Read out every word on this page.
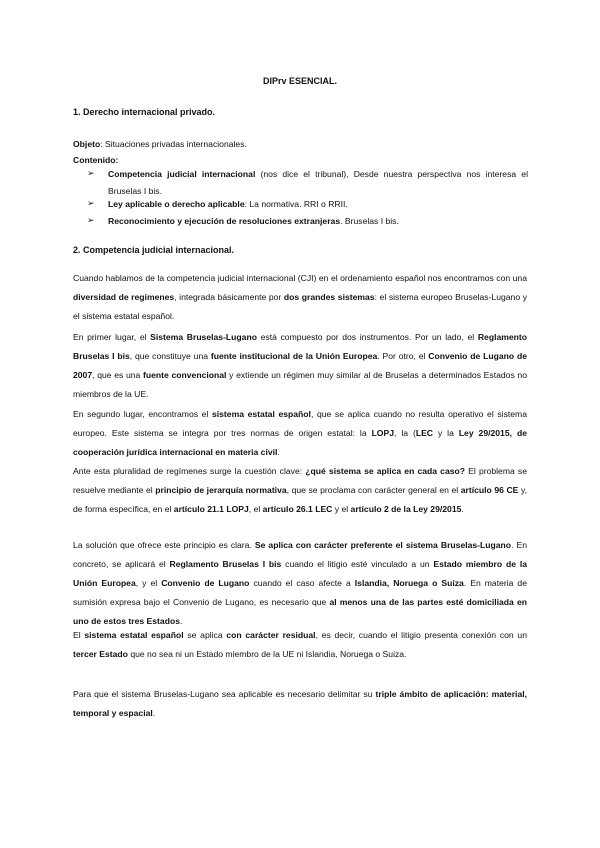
DIPrv ESENCIAL.
1. Derecho internacional privado.
Objeto: Situaciones privadas internacionales.
Contenido:
➢ Competencia judicial internacional (nos dice el tribunal), Desde nuestra perspectiva nos interesa el Bruselas I bis.
➢ Ley aplicable o derecho aplicable: La normativa. RRI o RRII.
➢ Reconocimiento y ejecución de resoluciones extranjeras. Bruselas I bis.
2. Competencia judicial internacional.
Cuando hablamos de la competencia judicial internacional (CJI) en el ordenamiento español nos encontramos con una diversidad de regímenes, integrada básicamente por dos grandes sistemas: el sistema europeo Bruselas-Lugano y el sistema estatal español.
En primer lugar, el Sistema Bruselas-Lugano está compuesto por dos instrumentos. Por un lado, el Reglamento Bruselas I bis, que constituye una fuente institucional de la Unión Europea. Por otro, el Convenio de Lugano de 2007, que es una fuente convencional y extiende un régimen muy similar al de Bruselas a determinados Estados no miembros de la UE.
En segundo lugar, encontramos el sistema estatal español, que se aplica cuando no resulta operativo el sistema europeo. Este sistema se integra por tres normas de origen estatal: la LOPJ, la (LEC y la Ley 29/2015, de cooperación jurídica internacional en materia civil.
Ante esta pluralidad de regímenes surge la cuestión clave: ¿qué sistema se aplica en cada caso? El problema se resuelve mediante el principio de jerarquía normativa, que se proclama con carácter general en el artículo 96 CE y, de forma específica, en el artículo 21.1 LOPJ, el artículo 26.1 LEC y el artículo 2 de la Ley 29/2015.
La solución que ofrece este principio es clara. Se aplica con carácter preferente el sistema Bruselas-Lugano. En concreto, se aplicará el Reglamento Bruselas I bis cuando el litigio esté vinculado a un Estado miembro de la Unión Europea, y el Convenio de Lugano cuando el caso afecte a Islandia, Noruega o Suiza. En materia de sumisión expresa bajo el Convenio de Lugano, es necesario que al menos una de las partes esté domiciliada en uno de estos tres Estados.
El sistema estatal español se aplica con carácter residual, es decir, cuando el litigio presenta conexión con un tercer Estado que no sea ni un Estado miembro de la UE ni Islandia, Noruega o Suiza.
Para que el sistema Bruselas-Lugano sea aplicable es necesario delimitar su triple ámbito de aplicación: material, temporal y espacial.
